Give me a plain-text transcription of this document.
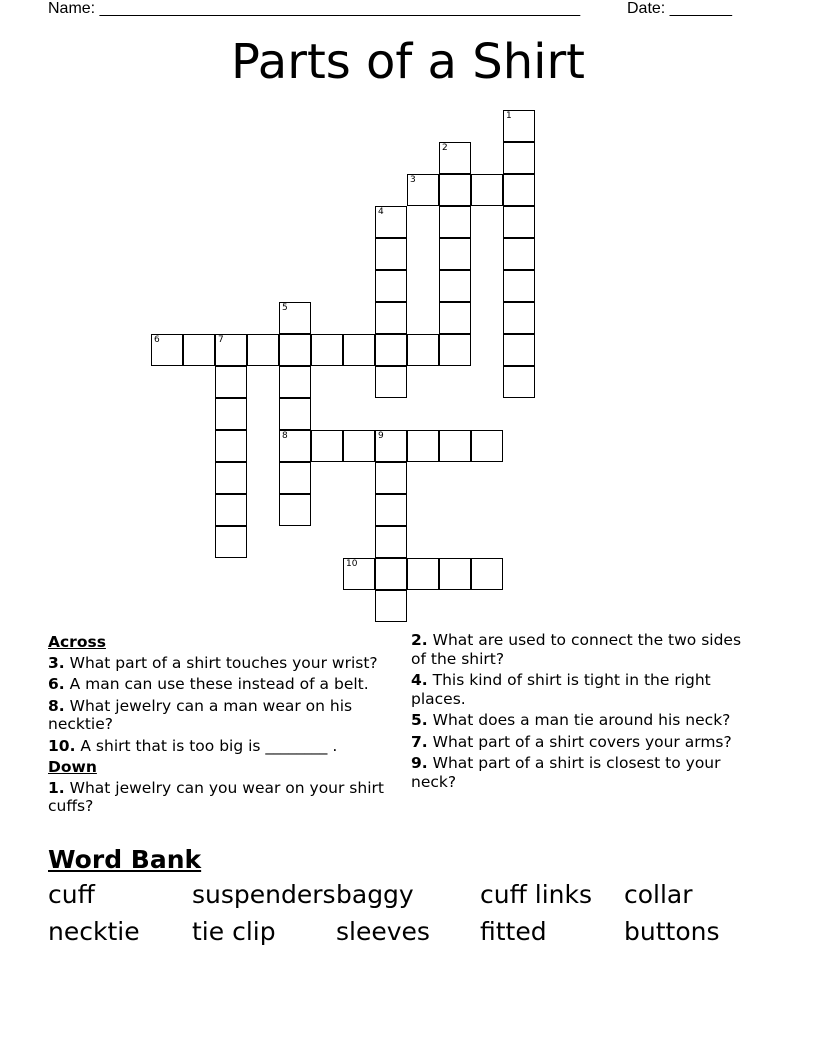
Name: ______________________________________________________	Date: _______
Parts of a Shirt
1
2
3
4
5
8
6	7
9
10
Across
3. What part of a shirt touches your wrist?
6. A man can use these instead of a belt.
8. What jewelry can a man wear on his necktie?
10. A shirt that is too big is ________ .
Down
1. What jewelry can you wear on your shirt cuffs?
2. What are used to connect the two sides of the shirt?
4. This kind of shirt is tight in the right places.
5. What does a man tie around his neck?
7. What part of a shirt covers your arms?
9. What part of a shirt is closest to your neck?
Word Bank
cuff	suspenders baggy	cuff links	collar
necktie	tie clip	sleeves	fitted	buttons
